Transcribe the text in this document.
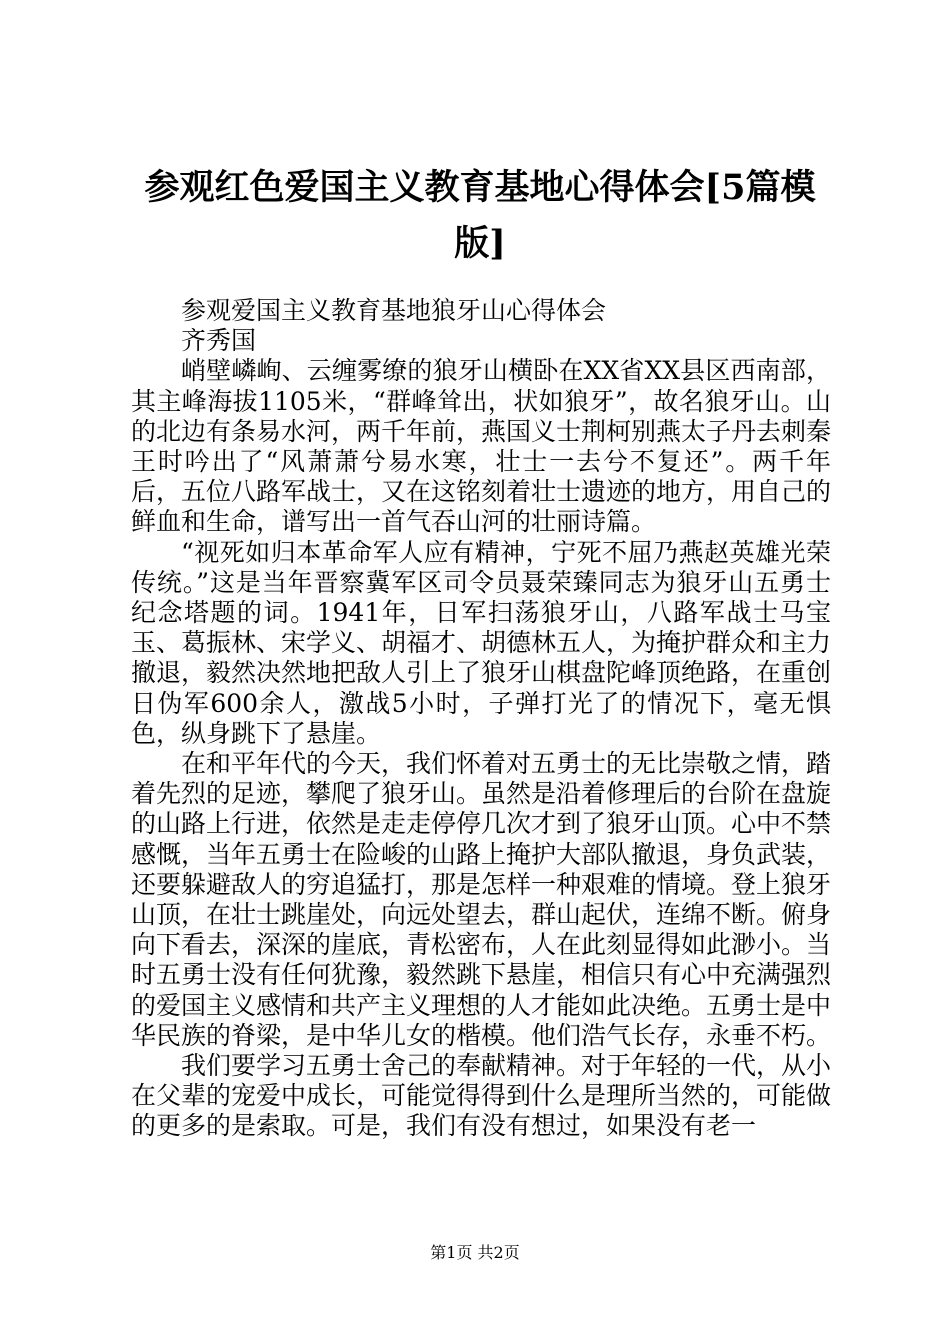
参观红色爱国主义教育基地心得体会[5篇模版]

参观爱国主义教育基地狼牙山心得体会

齐秀国

峭壁嶙峋、云缠雾缭的狼牙山横卧在XX省XX县区西南部，其主峰海拔1105米，“群峰耸出，状如狼牙”，故名狼牙山。山的北边有条易水河，两千年前，燕国义士荆柯别燕太子丹去刺秦王时吟出了“风萧萧兮易水寒，壮士一去兮不复还”。两千年后，五位八路军战士，又在这铭刻着壮士遗迹的地方，用自己的鲜血和生命，谱写出一首气吞山河的壮丽诗篇。

“视死如归本革命军人应有精神，宁死不屈乃燕赵英雄光荣传统。”这是当年晋察冀军区司令员聂荣臻同志为狼牙山五勇士纪念塔题的词。1941年，日军扫荡狼牙山，八路军战士马宝玉、葛振林、宋学义、胡福才、胡德林五人，为掩护群众和主力撤退，毅然决然地把敌人引上了狼牙山棋盘陀峰顶绝路，在重创日伪军600余人，激战5小时，子弹打光了的情况下，毫无惧色，纵身跳下了悬崖。

在和平年代的今天，我们怀着对五勇士的无比崇敬之情，踏着先烈的足迹，攀爬了狼牙山。虽然是沿着修理后的台阶在盘旋的山路上行进，依然是走走停停几次才到了狼牙山顶。心中不禁感慨，当年五勇士在险峻的山路上掩护大部队撤退，身负武装，还要躲避敌人的穷追猛打，那是怎样一种艰难的情境。登上狼牙山顶，在壮士跳崖处，向远处望去，群山起伏，连绵不断。俯身向下看去，深深的崖底，青松密布，人在此刻显得如此渺小。当时五勇士没有任何犹豫，毅然跳下悬崖，相信只有心中充满强烈的爱国主义感情和共产主义理想的人才能如此决绝。五勇士是中华民族的脊梁，是中华儿女的楷模。他们浩气长存，永垂不朽。

我们要学习五勇士舍己的奉献精神。对于年轻的一代，从小在父辈的宠爱中成长，可能觉得得到什么是理所当然的，可能做的更多的是索取。可是，我们有没有想过，如果没有老一

第1页 共2页
